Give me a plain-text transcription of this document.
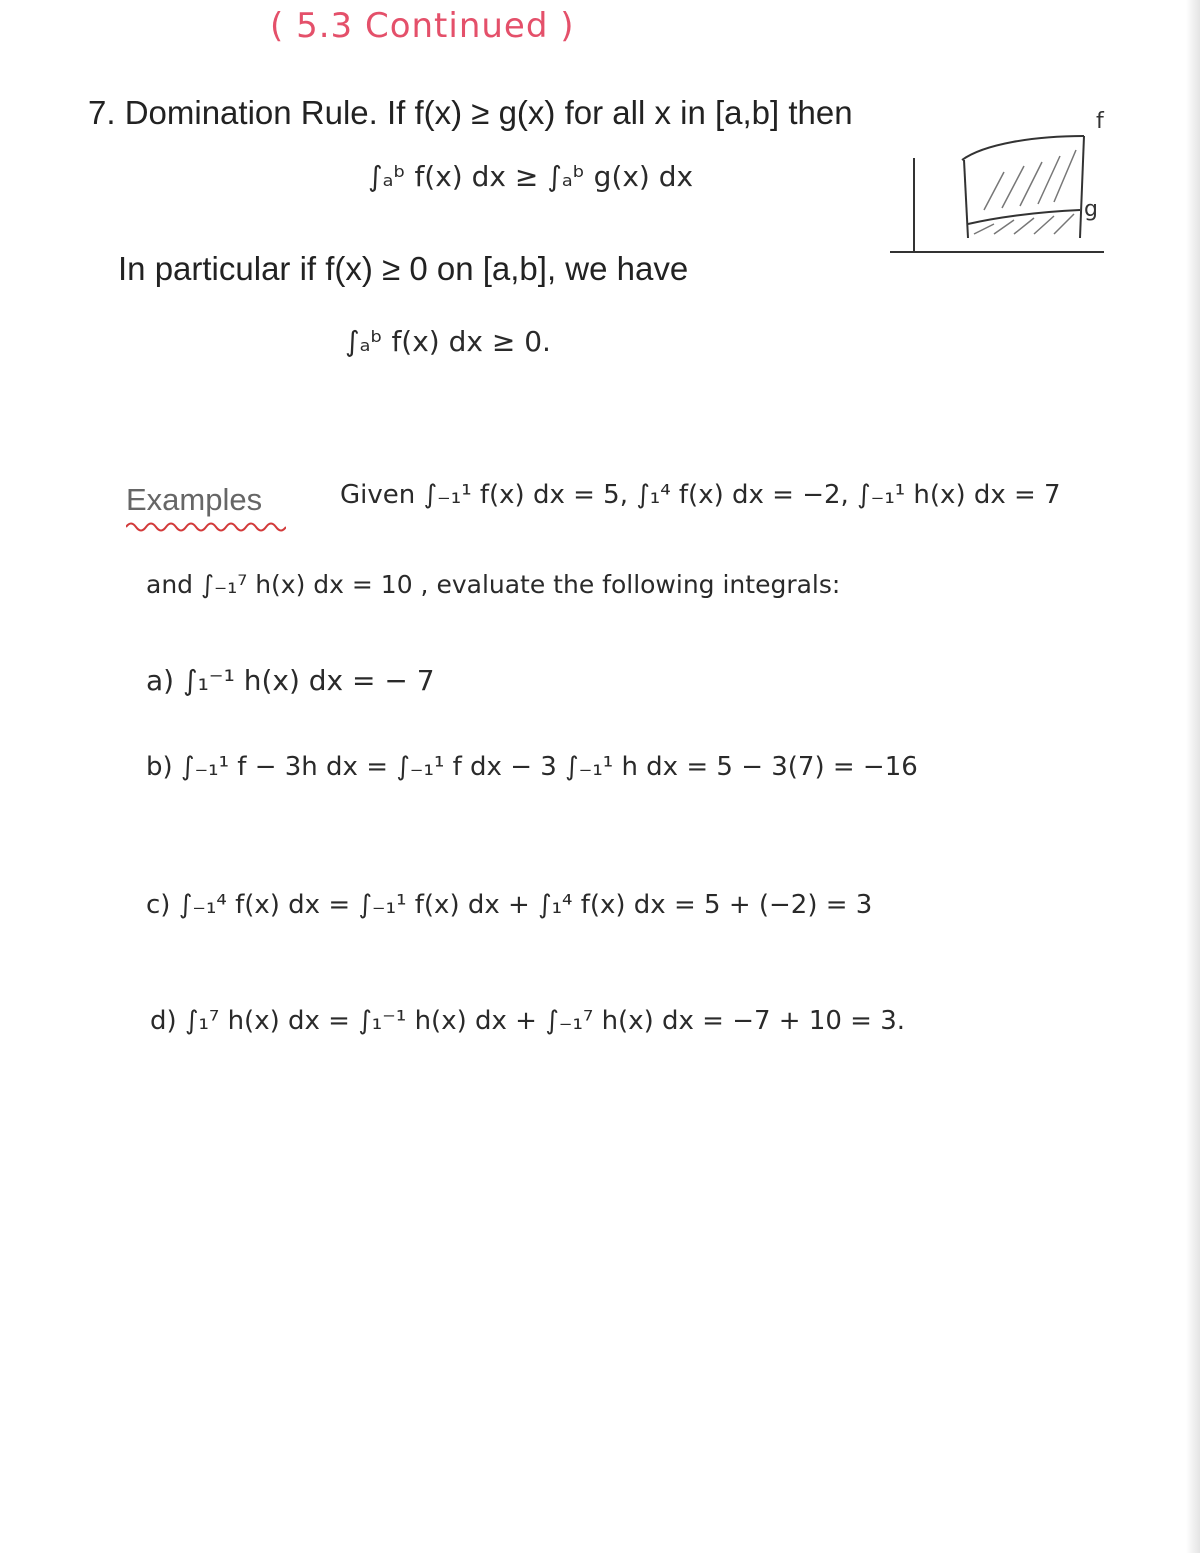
( 5.3 Continued )
7. Domination Rule. If f(x) ≥ g(x) for all x in [a,b] then
∫ₐᵇ f(x) dx ≥ ∫ₐᵇ g(x) dx
f
g
In particular if f(x) ≥ 0 on [a,b], we have
∫ₐᵇ f(x) dx ≥ 0.
Examples	Given ∫₋₁¹ f(x) dx = 5, ∫₁⁴ f(x) dx = −2, ∫₋₁¹ h(x) dx = 7
and ∫₋₁⁷ h(x) dx = 10 , evaluate the following integrals:
a) ∫₁⁻¹ h(x) dx = − 7
b) ∫₋₁¹ f − 3h dx = ∫₋₁¹ f dx − 3 ∫₋₁¹ h dx = 5 − 3(7) = −16
c) ∫₋₁⁴ f(x) dx = ∫₋₁¹ f(x) dx + ∫₁⁴ f(x) dx = 5 + (−2) = 3
d) ∫₁⁷ h(x) dx = ∫₁⁻¹ h(x) dx + ∫₋₁⁷ h(x) dx = −7 + 10 = 3.
